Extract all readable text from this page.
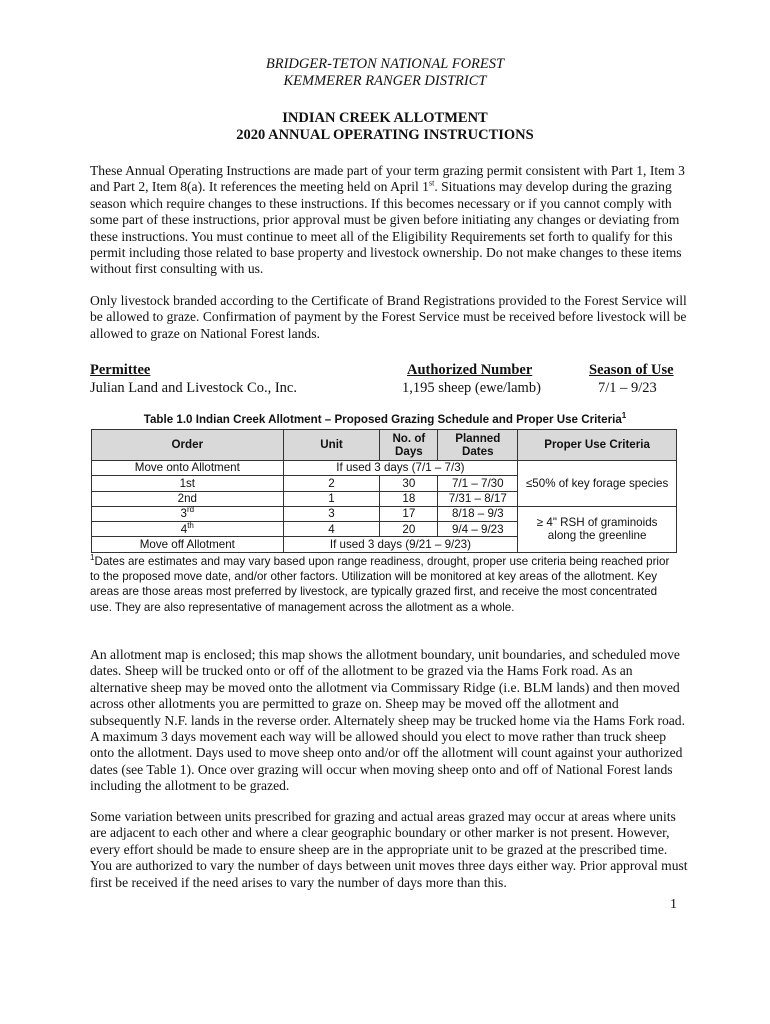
BRIDGER-TETON NATIONAL FOREST
KEMMERER RANGER DISTRICT
INDIAN CREEK ALLOTMENT
2020 ANNUAL OPERATING INSTRUCTIONS

These Annual Operating Instructions are made part of your term grazing permit consistent with Part 1, Item 3 and Part 2, Item 8(a). It references the meeting held on April 1st. Situations may develop during the grazing season which require changes to these instructions. If this becomes necessary or if you cannot comply with some part of these instructions, prior approval must be given before initiating any changes or deviating from these instructions. You must continue to meet all of the Eligibility Requirements set forth to qualify for this permit including those related to base property and livestock ownership. Do not make changes to these items without first consulting with us.

Only livestock branded according to the Certificate of Brand Registrations provided to the Forest Service will be allowed to graze. Confirmation of payment by the Forest Service must be received before livestock will be allowed to graze on National Forest lands.

Permittee	Authorized Number	Season of Use
Julian Land and Livestock Co., Inc.	1,195 sheep (ewe/lamb)	7/1 – 9/23
Table 1.0 Indian Creek Allotment – Proposed Grazing Schedule and Proper Use Criteria$^1$
Order	Unit	No. of Days	Planned Dates	Proper Use Criteria
Move onto Allotment	If used 3 days (7/1 – 7/3)			≤50% of key forage species
1st	2	30	7/1 – 7/30	
2nd	1	18	7/31 – 8/17	
3rd	3	17	8/18 – 9/3	≥ 4" RSH of graminoids along the greenline
4th	4	20	9/4 – 9/23	
Move off Allotment	If used 3 days (9/21 – 9/23)			

$^1$Dates are estimates and may vary based upon range readiness, drought, proper use criteria being reached prior to the proposed move date, and/or other factors. Utilization will be monitored at key areas of the allotment. Key areas are those areas most preferred by livestock, are typically grazed first, and receive the most concentrated use. They are also representative of management across the allotment as a whole.

An allotment map is enclosed; this map shows the allotment boundary, unit boundaries, and scheduled move dates. Sheep will be trucked onto or off of the allotment to be grazed via the Hams Fork road. As an alternative sheep may be moved onto the allotment via Commissary Ridge (i.e. BLM lands) and then moved across other allotments you are permitted to graze on. Sheep may be moved off the allotment and subsequently N.F. lands in the reverse order. Alternately sheep may be trucked home via the Hams Fork road. A maximum 3 days movement each way will be allowed should you elect to move rather than truck sheep onto the allotment. Days used to move sheep onto and/or off the allotment will count against your authorized dates (see Table 1). Once over grazing will occur when moving sheep onto and off of National Forest lands including the allotment to be grazed.

Some variation between units prescribed for grazing and actual areas grazed may occur at areas where units are adjacent to each other and where a clear geographic boundary or other marker is not present. However, every effort should be made to ensure sheep are in the appropriate unit to be grazed at the prescribed time. You are authorized to vary the number of days between unit moves three days either way. Prior approval must first be received if the need arises to vary the number of days more than this.

1
